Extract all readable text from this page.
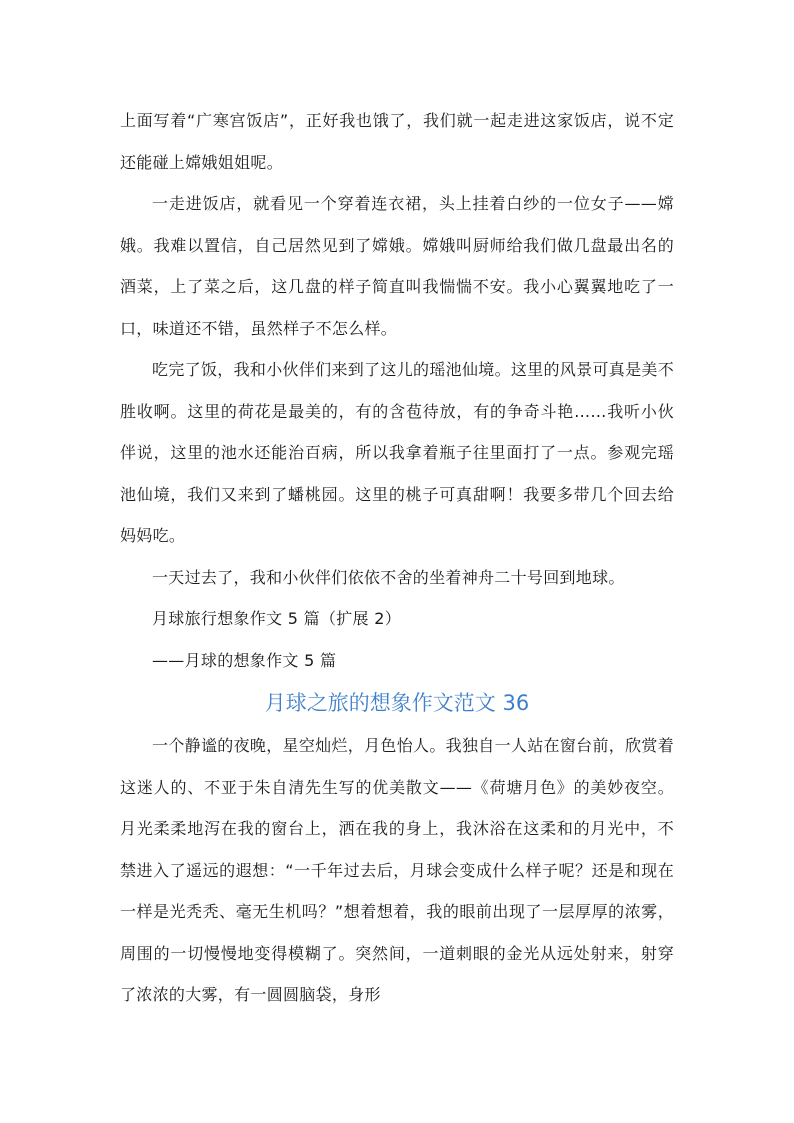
上面写着“广寒宫饭店”，正好我也饿了，我们就一起走进这家饭店，说不定还能碰上嫦娥姐姐呢。

一走进饭店，就看见一个穿着连衣裙，头上挂着白纱的一位女子——嫦娥。我难以置信，自己居然见到了嫦娥。嫦娥叫厨师给我们做几盘最出名的酒菜，上了菜之后，这几盘的样子简直叫我惴惴不安。我小心翼翼地吃了一口，味道还不错，虽然样子不怎么样。

吃完了饭，我和小伙伴们来到了这儿的瑶池仙境。这里的风景可真是美不胜收啊。这里的荷花是最美的，有的含苞待放，有的争奇斗艳……我听小伙伴说，这里的池水还能治百病，所以我拿着瓶子往里面打了一点。参观完瑶池仙境，我们又来到了蟠桃园。这里的桃子可真甜啊！我要多带几个回去给妈妈吃。

一天过去了，我和小伙伴们依依不舍的坐着神舟二十号回到地球。

月球旅行想象作文 5 篇（扩展 2）

——月球的想象作文 5 篇

月球之旅的想象作文范文 36

一个静谧的夜晚，星空灿烂，月色怡人。我独自一人站在窗台前，欣赏着这迷人的、不亚于朱自清先生写的优美散文——《荷塘月色》的美妙夜空。月光柔柔地泻在我的窗台上，洒在我的身上，我沐浴在这柔和的月光中，不禁进入了遥远的遐想：“一千年过去后，月球会变成什么样子呢？还是和现在一样是光秃秃、毫无生机吗？”想着想着，我的眼前出现了一层厚厚的浓雾，周围的一切慢慢地变得模糊了。突然间，一道刺眼的金光从远处射来，射穿了浓浓的大雾，有一圆圆脑袋，身形
